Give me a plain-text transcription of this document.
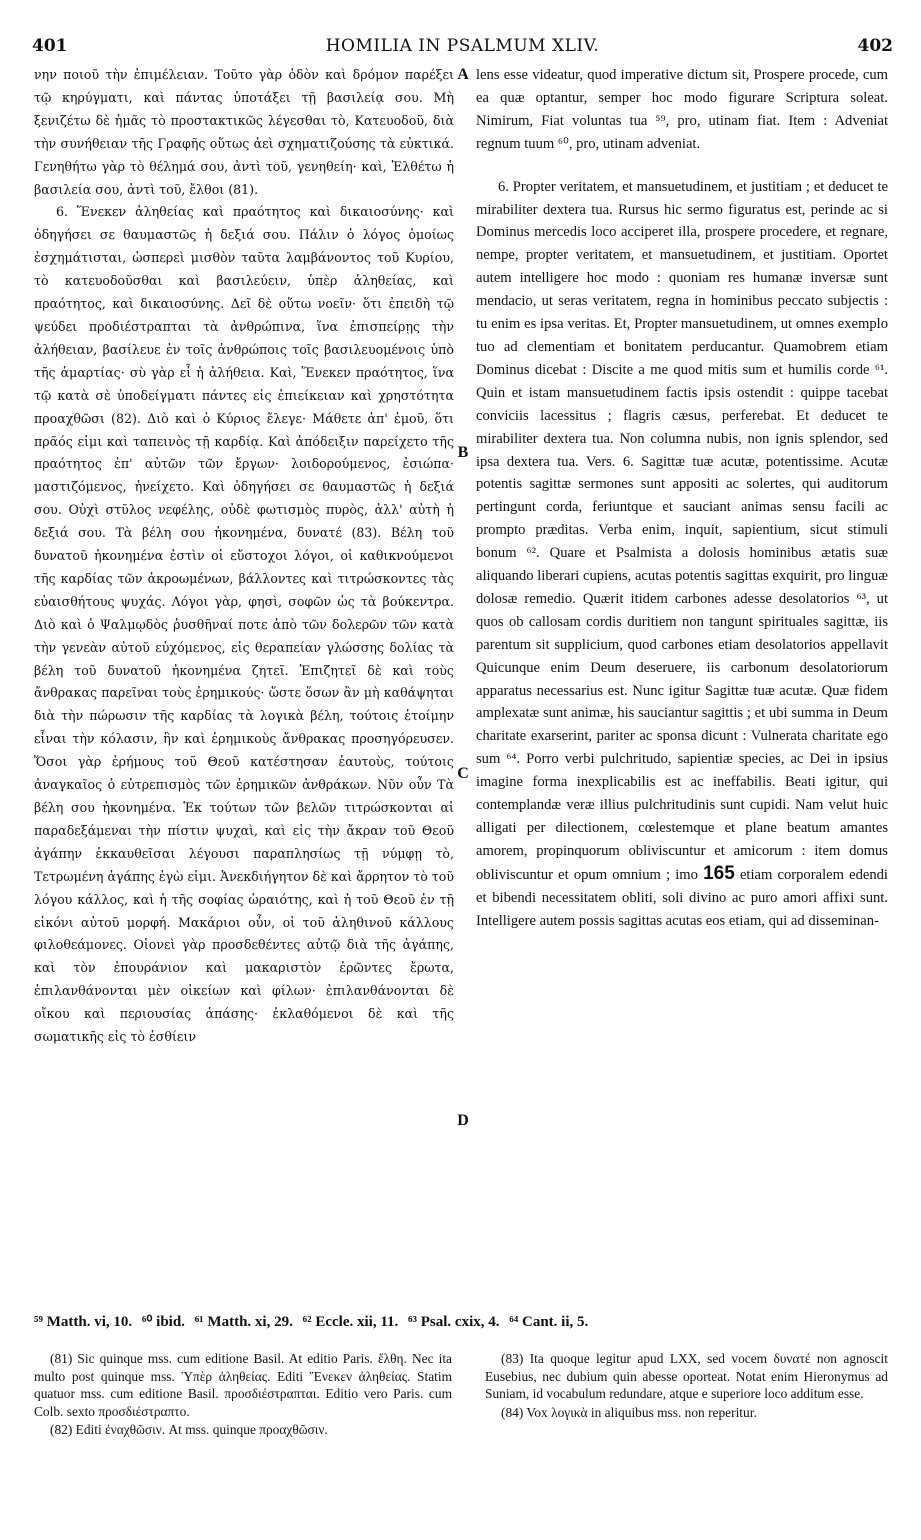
401	HOMILIA IN PSALMUM XLIV.	402

νην ποιοῦ τὴν ἐπιμέλειαν. Τοῦτο γὰρ ὁδὸν καὶ δρόμον παρέξει τῷ κηρύγματι, καὶ πάντας ὑποτάξει τῇ βασιλείᾳ σου. Μὴ ξενιζέτω δὲ ἡμᾶς τὸ προστακτικῶς λέγεσθαι τὸ, Κατευοδοῦ, διὰ τὴν συνήθειαν τῆς Γραφῆς οὕτως ἀεὶ σχηματιζούσης τὰ εὐκτικά. Γενηθήτω γὰρ τὸ θέλημά σου, ἀντὶ τοῦ, γενηθείη· καὶ, Ἐλθέτω ἡ βασιλεία σου, ἀντὶ τοῦ, ἔλθοι (81).

6. Ἕνεκεν ἀληθείας καὶ πραότητος καὶ δικαιοσύνης· καὶ ὁδηγήσει σε θαυμαστῶς ἡ δεξιά σου. Πάλιν ὁ λόγος ὁμοίως ἐσχημάτισται, ὡσπερεὶ μισθὸν ταῦτα λαμβάνοντος τοῦ Κυρίου, τὸ κατευοδοῦσθαι καὶ βασιλεύειν, ὑπὲρ ἀληθείας, καὶ πραότητος, καὶ δικαιοσύνης. Δεῖ δὲ οὕτω νοεῖν· ὅτι ἐπειδὴ τῷ ψεύδει προδιέστραπται τὰ ἀνθρώπινα, ἵνα ἐπισπείρῃς τὴν ἀλήθειαν, βασίλευε ἐν τοῖς ἀνθρώποις τοῖς βασιλευομένοις ὑπὸ τῆς ἁμαρτίας· σὺ γὰρ εἶ ἡ ἀλήθεια. Καὶ, Ἕνεκεν πραότητος, ἵνα τῷ κατὰ σὲ ὑποδείγματι πάντες εἰς ἐπιείκειαν καὶ χρηστότητα προαχθῶσι (82). Διὸ καὶ ὁ Κύριος ἔλεγε· Μάθετε ἀπ' ἐμοῦ, ὅτι πρᾶός εἰμι καὶ ταπεινὸς τῇ καρδίᾳ. Καὶ ἀπόδειξιν παρείχετο τῆς πραότητος ἐπ' αὐτῶν τῶν ἔργων· λοιδορούμενος, ἐσιώπα· μαστιζόμενος, ἠνείχετο. Καὶ ὁδηγήσει σε θαυμαστῶς ἡ δεξιά σου. Οὐχὶ στῦλος νεφέλης, οὐδὲ φωτισμὸς πυρὸς, ἀλλ' αὐτὴ ἡ δεξιά σου. Τὰ βέλη σου ἠκονημένα, δυνατέ (83). Βέλη τοῦ δυνατοῦ ἠκονημένα ἐστὶν οἱ εὔστοχοι λόγοι, οἱ καθικνούμενοι τῆς καρδίας τῶν ἀκροωμένων, βάλλοντες καὶ τιτρώσκοντες τὰς εὐαισθήτους ψυχάς. Λόγοι γὰρ, φησὶ, σοφῶν ὡς τὰ βούκεντρα. Διὸ καὶ ὁ Ψαλμῳδὸς ῥυσθῆναί ποτε ἀπὸ τῶν δολερῶν τῶν κατὰ τὴν γενεὰν αὐτοῦ εὐχόμενος, εἰς θεραπείαν γλώσσης δολίας τὰ βέλη τοῦ δυνατοῦ ἠκονημένα ζητεῖ. Ἐπιζητεῖ δὲ καὶ τοὺς ἄνθρακας παρεῖναι τοὺς ἐρημικούς· ὥστε ὅσων ἂν μὴ καθάψηται διὰ τὴν πώρωσιν τῆς καρδίας τὰ λογικὰ βέλη, τούτοις ἑτοίμην εἶναι τὴν κόλασιν, ἣν καὶ ἐρημικοὺς ἄνθρακας προσηγόρευσεν. Ὅσοι γὰρ ἐρήμους τοῦ Θεοῦ κατέστησαν ἑαυτοὺς, τούτοις ἀναγκαῖος ὁ εὐτρεπισμὸς τῶν ἐρημικῶν ἀνθράκων. Νῦν οὖν Τὰ βέλη σου ἠκονημένα. Ἐκ τούτων τῶν βελῶν τιτρώσκονται αἱ παραδεξάμεναι τὴν πίστιν ψυχαὶ, καὶ εἰς τὴν ἄκραν τοῦ Θεοῦ ἀγάπην ἐκκαυθεῖσαι λέγουσι παραπλησίως τῇ νύμφῃ τὸ, Τετρωμένη ἀγάπης ἐγὼ εἰμι. Ἀνεκδιήγητον δὲ καὶ ἄρρητον τὸ τοῦ λόγου κάλλος, καὶ ἡ τῆς σοφίας ὡραιότης, καὶ ἡ τοῦ Θεοῦ ἐν τῇ εἰκόνι αὐτοῦ μορφή. Μακάριοι οὖν, οἱ τοῦ ἀληθινοῦ κάλλους φιλοθεάμονες. Οἱονεὶ γὰρ προσδεθέντες αὐτῷ διὰ τῆς ἀγάπης, καὶ τὸν ἐπουράνιον καὶ μακαριστὸν ἐρῶντες ἔρωτα, ἐπιλανθάνονται μὲν οἰκείων καὶ φίλων· ἐπιλανθάνονται δὲ οἴκου καὶ περιουσίας ἁπάσης· ἐκλαθόμενοι δὲ καὶ τῆς σωματικῆς εἰς τὸ ἐσθίειν

A
B
C
D

lens esse videatur, quod imperative dictum sit, Prospere procede, cum ea quæ optantur, semper hoc modo figurare Scriptura soleat. Nimirum, Fiat voluntas tua ⁵⁹, pro, utinam fiat. Item : Adveniat regnum tuum ⁶⁰, pro, utinam adveniat.

6. Propter veritatem, et mansuetudinem, et justitiam ; et deducet te mirabiliter dextera tua. Rursus hic sermo figuratus est, perinde ac si Dominus mercedis loco acciperet illa, prospere procedere, et regnare, nempe, propter veritatem, et mansuetudinem, et justitiam. Oportet autem intelligere hoc modo : quoniam res humanæ inversæ sunt mendacio, ut seras veritatem, regna in hominibus peccato subjectis : tu enim es ipsa veritas. Et, Propter mansuetudinem, ut omnes exemplo tuo ad clementiam et bonitatem perducantur. Quamobrem etiam Dominus dicebat : Discite a me quod mitis sum et humilis corde ⁶¹. Quin et istam mansuetudinem factis ipsis ostendit : quippe tacebat conviciis lacessitus ; flagris cæsus, perferebat. Et deducet te mirabiliter dextera tua. Non columna nubis, non ignis splendor, sed ipsa dextera tua. Vers. 6. Sagittæ tuæ acutæ, potentissime. Acutæ potentis sagittæ sermones sunt appositi ac solertes, qui auditorum pertingunt corda, feriuntque et sauciant animas sensu facili ac prompto præditas. Verba enim, inquit, sapientium, sicut stimuli bonum ⁶². Quare et Psalmista a dolosis hominibus ætatis suæ aliquando liberari cupiens, acutas potentis sagittas exquirit, pro linguæ dolosæ remedio. Quærit itidem carbones adesse desolatorios ⁶³, ut quos ob callosam cordis duritiem non tangunt spirituales sagittæ, iis parentum sit supplicium, quod carbones etiam desolatorios appellavit Quicunque enim Deum deseruere, iis carbonum desolatoriorum apparatus necessarius est. Nunc igitur Sagittæ tuæ acutæ. Quæ fidem amplexatæ sunt animæ, his sauciantur sagittis ; et ubi summa in Deum charitate exarserint, pariter ac sponsa dicunt : Vulnerata charitate ego sum ⁶⁴. Porro verbi pulchritudo, sapientiæ species, ac Dei in ipsius imagine forma inexplicabilis est ac ineffabilis. Beati igitur, qui contemplandæ veræ illius pulchritudinis sunt cupidi. Nam velut huic alligati per dilectionem, cœlestemque et plane beatum amantes amorem, propinquorum obliviscuntur et amicorum : item domus obliviscuntur et opum omnium ; imo 165 etiam corporalem edendi et bibendi necessitatem obliti, soli divino ac puro amori affixi sunt. Intelligere autem possis sagittas acutas eos etiam, qui ad disseminan-

⁵⁹ Matth. vi, 10. ⁶⁰ ibid. ⁶¹ Matth. xi, 29. ⁶² Eccle. xii, 11. ⁶³ Psal. cxix, 4. ⁶⁴ Cant. ii, 5.

(81) Sic quinque mss. cum editione Basil. At editio Paris. ἔλθη. Nec ita multo post quinque mss. Ὑπὲρ ἀληθείας. Editi Ἕνεκεν ἀληθείας. Statim quatuor mss. cum editione Basil. προσδιέστραπται. Editio vero Paris. cum Colb. sexto προσδιέστραπτο.

(82) Editi ἐναχθῶσιν. At mss. quinque προαχθῶσιν.

(83) Ita quoque legitur apud LXX, sed vocem δυνατέ non agnoscit Eusebius, nec dubium quin abesse oporteat. Notat enim Hieronymus ad Suniam, id vocabulum redundare, atque e superiore loco additum esse.

(84) Vox λογικὰ in aliquibus mss. non reperitur.
